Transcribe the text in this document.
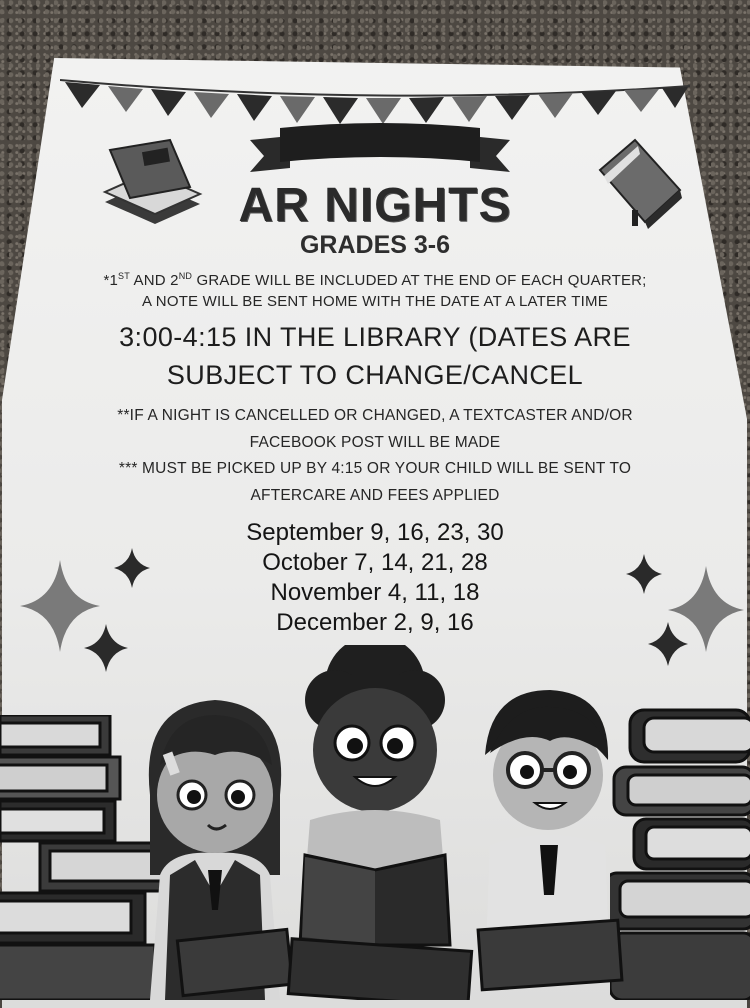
AR NIGHTS
GRADES 3-6
*1ST AND 2ND GRADE WILL BE INCLUDED AT THE END OF EACH QUARTER;
A NOTE WILL BE SENT HOME WITH THE DATE AT A LATER TIME
3:00-4:15 IN THE LIBRARY (DATES ARE
SUBJECT TO CHANGE/CANCEL
**IF A NIGHT IS CANCELLED OR CHANGED, A TEXTCASTER AND/OR
FACEBOOK POST WILL BE MADE
*** MUST BE PICKED UP BY 4:15 OR YOUR CHILD WILL BE SENT TO
AFTERCARE AND FEES APPLIED
September 9, 16, 23, 30
October 7, 14, 21, 28
November 4, 11, 18
December 2, 9, 16
